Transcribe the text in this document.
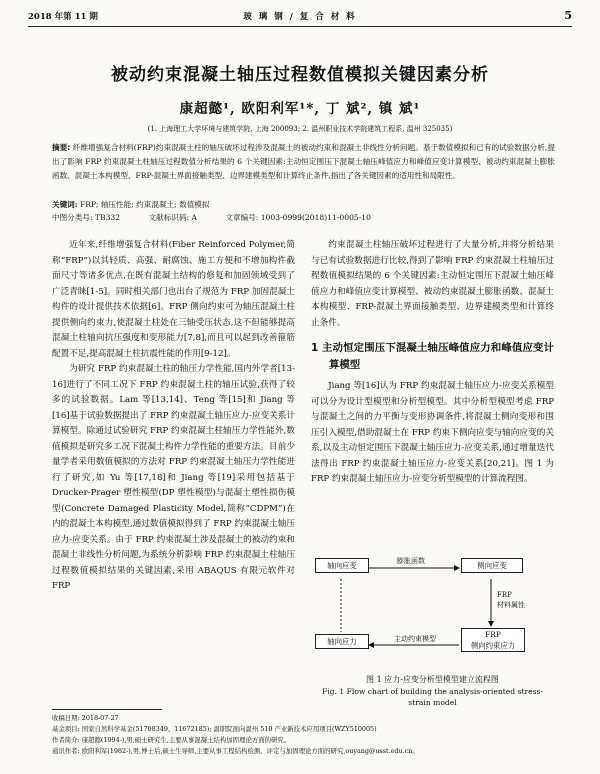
2018 年第 11 期	玻 璃 钢 / 复 合 材 料	5
被动约束混凝土轴压过程数值模拟关键因素分析
康超懿¹, 欧阳利军¹*, 丁 斌², 镇 斌¹
(1. 上海理工大学环境与建筑学院, 上海 200093; 2. 温州职业技术学院建筑工程系, 温州 325035)
摘要: 纤维增强复合材料(FRP)约束混凝土柱的轴压破坏过程涉及混凝土的被动约束和混凝土非线性分析问题。基于数值模拟和已有的试验数据分析,提出了影响 FRP 约束混凝土柱轴压过程数值分析结果的 6 个关键因素:主动恒定围压下混凝土轴压峰值应力和峰值应变计算模型、被动约束混凝土膨胀函数、混凝土本构模型、FRP-混凝土界面接触类型、边界建模类型和计算终止条件,指出了各关键因素的适用性和局限性。
关键词: FRP; 轴压性能; 约束混凝土; 数值模拟
中图分类号: TB332	文献标识码: A	文章编号: 1003-0999(2018)11-0005-10

近年来,纤维增强复合材料(Fiber Reinforced Polymer,简称“FRP”)以其轻质、高强、耐腐蚀、施工方便和不增加构件截面尺寸等诸多优点,在既有混凝土结构的修复和加固领域受到了广泛青睐[1-5]。同时相关部门也出台了规范为 FRP 加固混凝土构件的设计提供技术依据[6]。FRP 侧向约束可为轴压混凝土柱提供侧向约束力,使混凝土柱处在三轴受压状态,这不但能够提高混凝土柱轴向抗压强度和变形能力[7,8],而且可以起到改善箍筋配置不足,提高混凝土柱抗震性能的作用[9-12]。

为研究 FRP 约束混凝土柱的轴压力学性能,国内外学者[13-16]进行了不同工况下 FRP 约束混凝土柱的轴压试验,获得了较多的试验数据。Lam 等[13,14]、Teng 等[15]和 Jiang 等[16]基于试验数据提出了 FRP 约束混凝土轴压应力-应变关系计算模型。除通过试验研究 FRP 约束混凝土柱轴压力学性能外,数值模拟是研究多工况下混凝土构件力学性能的重要方法。目前少量学者采用数值模拟的方法对 FRP 约束混凝土轴压力学性能进行了研究,如 Yu 等[17,18]和 Jiang 等[19]采用包括基于 Drucker-Prager 塑性模型(DP 塑性模型)与混凝土塑性损伤模型(Concrete Damaged Plasticity Model,简称“CDPM”)在内的混凝土本构模型,通过数值模拟得到了 FRP 约束混凝土轴压应力-应变关系。由于 FRP 约束混凝土涉及混凝土的被动约束和混凝土非线性分析问题,为系统分析影响 FRP 约束混凝土柱轴压过程数值模拟结果的关键因素,采用 ABAQUS 有限元软件对 FRP

约束混凝土柱轴压破坏过程进行了大量分析,并将分析结果与已有试验数据进行比较,得到了影响 FRP 约束混凝土柱轴压过程数值模拟结果的 6 个关键因素:主动恒定围压下混凝土轴压峰值应力和峰值应变计算模型、被动约束混凝土膨胀函数、混凝土本构模型、FRP-混凝土界面接触类型、边界建模类型和计算终止条件。

1 主动恒定围压下混凝土轴压峰值应力和峰值应变计算模型

Jiang 等[16]认为 FRP 约束混凝土轴压应力-应变关系模型可以分为设计型模型和分析型模型。其中分析型模型考虑 FRP 与混凝土之间的力平衡与变形协调条件,将混凝土侧向变形和围压引入模型,借助混凝土在 FRP 约束下侧向应变与轴向应变的关系,以及主动恒定围压下混凝土轴压应力-应变关系,通过增量迭代法得出 FRP 约束混凝土轴压应力-应变关系[20,21]。图 1 为 FRP 约束混凝土轴压应力-应变分析型模型的计算流程图。

轴向应变	侧向应变
膨胀函数
FRP
材料属性
FRP
侧向约束应力
主动约束模型
轴向应力
图 1 应力-应变分析型模型建立流程图
Fig. 1 Flow chart of building the analysis-oriented stress-strain model
收稿日期: 2018-07-27
基金项目: 国家自然科学基金(51708349、11672185); 温职院面向温州 510 产业新技术应用项目(WZY510005)
作者简介: 康超懿(1994-),男,硕士研究生,主要从事混凝土结构加固理论方面的研究。
通讯作者: 欧阳利军(1982-),男,博士后,硕士生导师,主要从事工程结构检测、评定与加固理论方面的研究,ouyang@usst.edu.cn。
